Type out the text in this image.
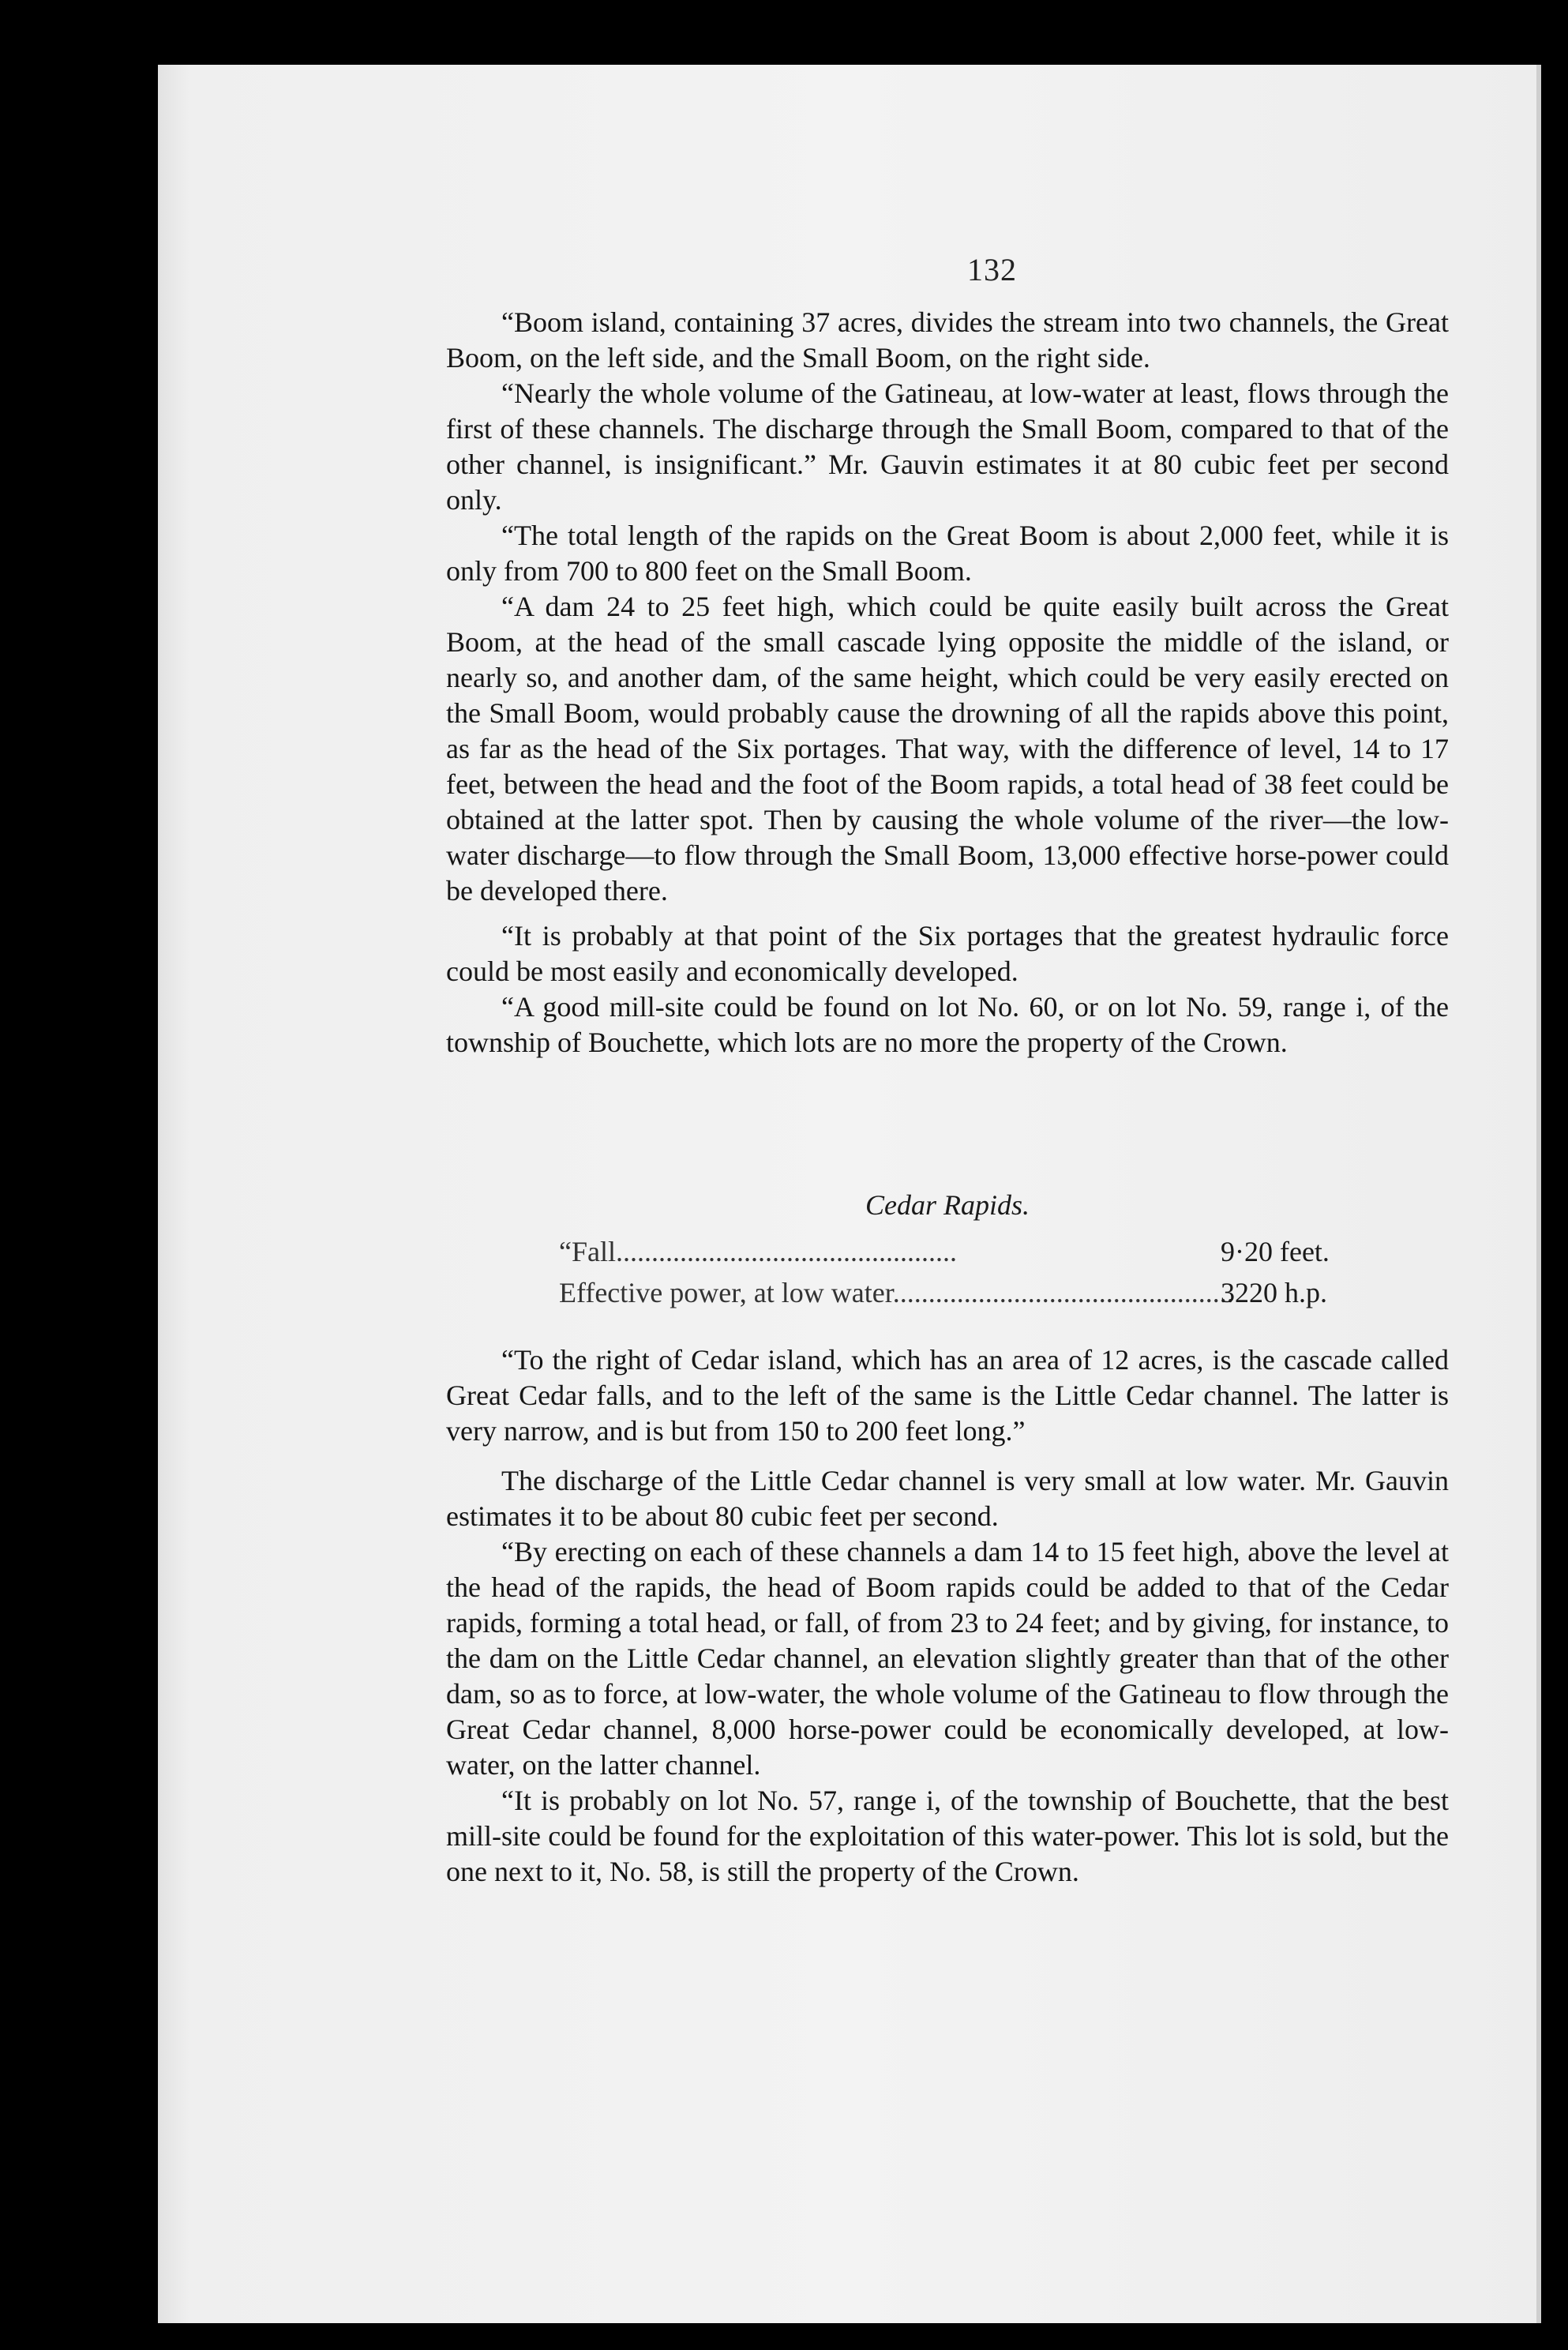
132

“Boom island, containing 37 acres, divides the stream into two channels, the Great Boom, on the left side, and the Small Boom, on the right side.

“Nearly the whole volume of the Gatineau, at low-water at least, flows through the first of these channels. The discharge through the Small Boom, compared to that of the other channel, is insignificant.” Mr. Gauvin estimates it at 80 cubic feet per second only.

“The total length of the rapids on the Great Boom is about 2,000 feet, while it is only from 700 to 800 feet on the Small Boom.

“A dam 24 to 25 feet high, which could be quite easily built across the Great Boom, at the head of the small cascade lying opposite the middle of the island, or nearly so, and another dam, of the same height, which could be very easily erected on the Small Boom, would probably cause the drowning of all the rapids above this point, as far as the head of the Six portages. That way, with the difference of level, 14 to 17 feet, between the head and the foot of the Boom rapids, a total head of 38 feet could be obtained at the latter spot. Then by causing the whole volume of the river—the low-water discharge—to flow through the Small Boom, 13,000 effective horse-power could be developed there.

“It is probably at that point of the Six portages that the greatest hydraulic force could be most easily and economically developed.

“A good mill-site could be found on lot No. 60, or on lot No. 59, range i, of the township of Bouchette, which lots are no more the property of the Crown.

Cedar Rapids.
“Fall................................................	9·20 feet.
Effective power, at low water................................................
3220 h.p.

“To the right of Cedar island, which has an area of 12 acres, is the cascade called Great Cedar falls, and to the left of the same is the Little Cedar channel. The latter is very narrow, and is but from 150 to 200 feet long.”

The discharge of the Little Cedar channel is very small at low water. Mr. Gauvin estimates it to be about 80 cubic feet per second.

“By erecting on each of these channels a dam 14 to 15 feet high, above the level at the head of the rapids, the head of Boom rapids could be added to that of the Cedar rapids, forming a total head, or fall, of from 23 to 24 feet; and by giving, for instance, to the dam on the Little Cedar channel, an elevation slightly greater than that of the other dam, so as to force, at low-water, the whole volume of the Gatineau to flow through the Great Cedar channel, 8,000 horse-power could be economically developed, at low-water, on the latter channel.

“It is probably on lot No. 57, range i, of the township of Bouchette, that the best mill-site could be found for the exploitation of this water-power. This lot is sold, but the one next to it, No. 58, is still the property of the Crown.
